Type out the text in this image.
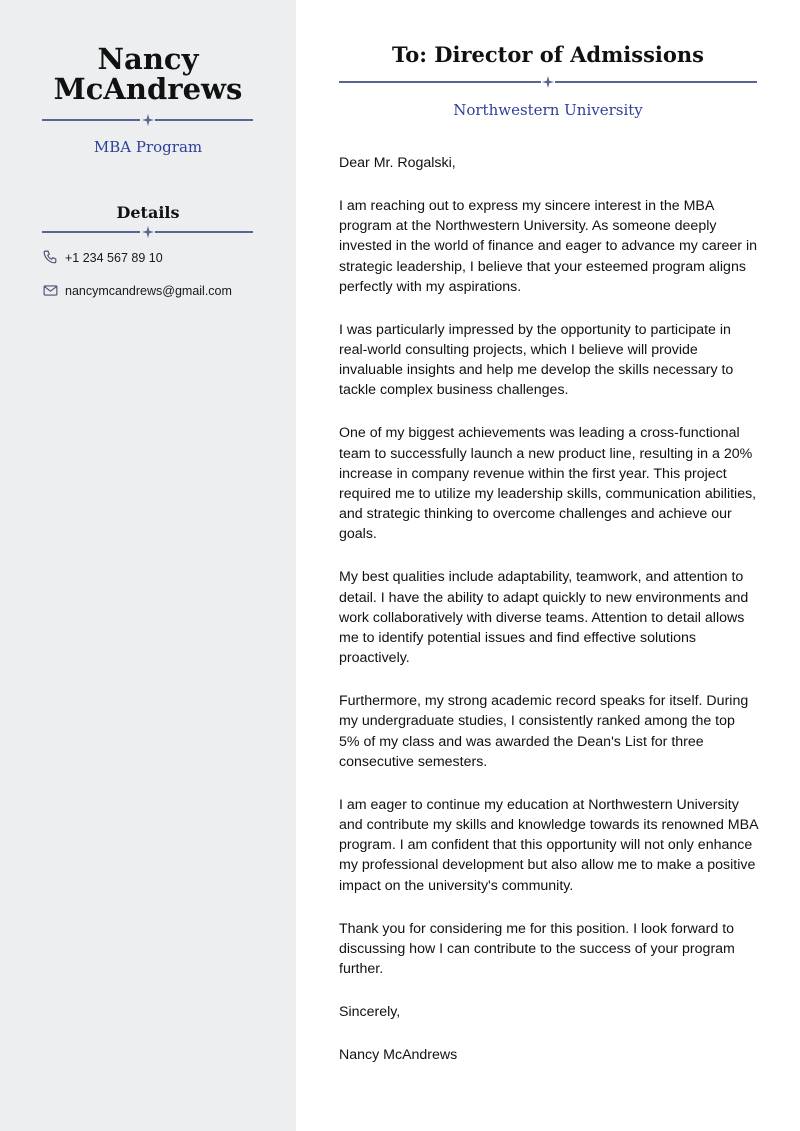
Nancy
McAndrews
MBA Program
Details
+1 234 567 89 10
nancymcandrews@gmail.com
To: Director of Admissions
Northwestern University

Dear Mr. Rogalski,

I am reaching out to express my sincere interest in the MBA program at the Northwestern University. As someone deeply invested in the world of finance and eager to advance my career in strategic leadership, I believe that your esteemed program aligns perfectly with my aspirations.

I was particularly impressed by the opportunity to participate in real-world consulting projects, which I believe will provide invaluable insights and help me develop the skills necessary to tackle complex business challenges.

One of my biggest achievements was leading a cross-functional team to successfully launch a new product line, resulting in a 20% increase in company revenue within the first year. This project required me to utilize my leadership skills, communication abilities, and strategic thinking to overcome challenges and achieve our goals.

My best qualities include adaptability, teamwork, and attention to detail. I have the ability to adapt quickly to new environments and work collaboratively with diverse teams. Attention to detail allows me to identify potential issues and find effective solutions proactively.

Furthermore, my strong academic record speaks for itself. During my undergraduate studies, I consistently ranked among the top 5% of my class and was awarded the Dean's List for three consecutive semesters.

I am eager to continue my education at Northwestern University and contribute my skills and knowledge towards its renowned MBA program. I am confident that this opportunity will not only enhance my professional development but also allow me to make a positive impact on the university's community.

Thank you for considering me for this position. I look forward to discussing how I can contribute to the success of your program further.

Sincerely,

Nancy McAndrews
